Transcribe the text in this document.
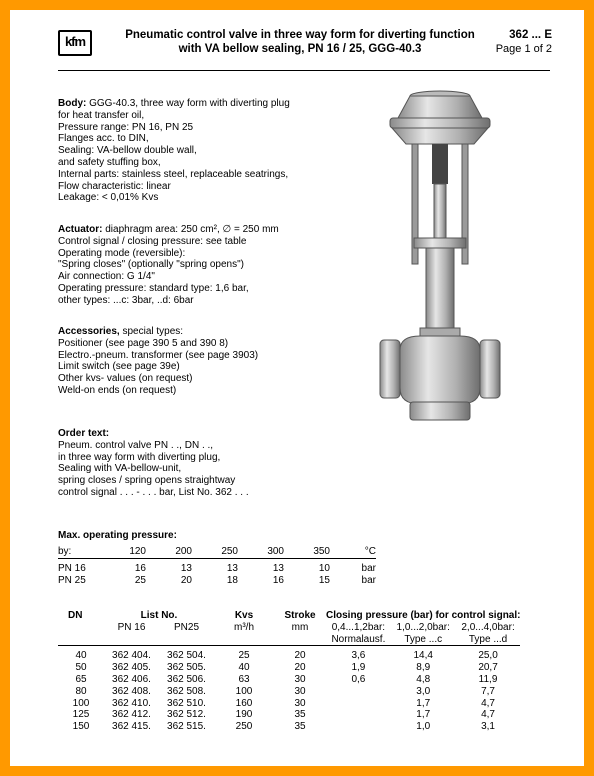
kfm	Pneumatic control valve in three way form for diverting function
with VA bellow sealing, PN 16 / 25, GGG-40.3
362 ... E
Page 1 of 2
Body: GGG-40.3, three way form with diverting plug
for heat transfer oil,
Pressure range: PN 16, PN 25
Flanges acc. to DIN,
Sealing: VA-bellow double wall,
and safety stuffing box,
Internal parts: stainless steel, replaceable seatrings,
Flow characteristic: linear
Leakage: < 0,01% Kvs
Actuator: diaphragm area: 250 cm², ∅ = 250 mm
Control signal / closing pressure: see table
Operating mode (reversible):
"Spring closes" (optionally "spring opens")
Air connection: G 1/4"
Operating pressure: standard type: 1,6 bar,
other types: ...c: 3bar, ..d: 6bar
Accessories, special types:
Positioner (see page 390 5 and 390 8)
Electro.-pneum. transformer (see page 3903)
Limit switch (see page 39e)
Other kvs- values (on request)
Weld-on ends (on request)
Order text:
Pneum. control valve PN . ., DN . .,
in three way form with diverting plug,
Sealing with VA-bellow-unit,
spring closes / spring opens straightway
control signal . . . - . . . bar, List No. 362 . . .
Max. operating pressure:
by:	120	200	250	300	350	°C
PN 16	16	13	13	13	10	bar
PN 25	25	20	18	16	15	bar
DN	List No.		Kvs	Stroke	Closing pressure (bar) for control signal:		
	PN 16	PN25	m³/h	mm	0,4...1,2bar:	1,0...2,0bar:	2,0...4,0bar:
					Normalausf.	Type ...c	Type ...d
40	362 404.	362 504.	25	20	3,6	14,4	25,0
50	362 405.	362 505.	40	20	1,9	8,9	20,7
65	362 406.	362 506.	63	30	0,6	4,8	11,9
80	362 408.	362 508.	100	30		3,0	7,7
100	362 410.	362 510.	160	30		1,7	4,7
125	362 412.	362 512.	190	35		1,7	4,7
150	362 415.	362 515.	250	35		1,0	3,1
